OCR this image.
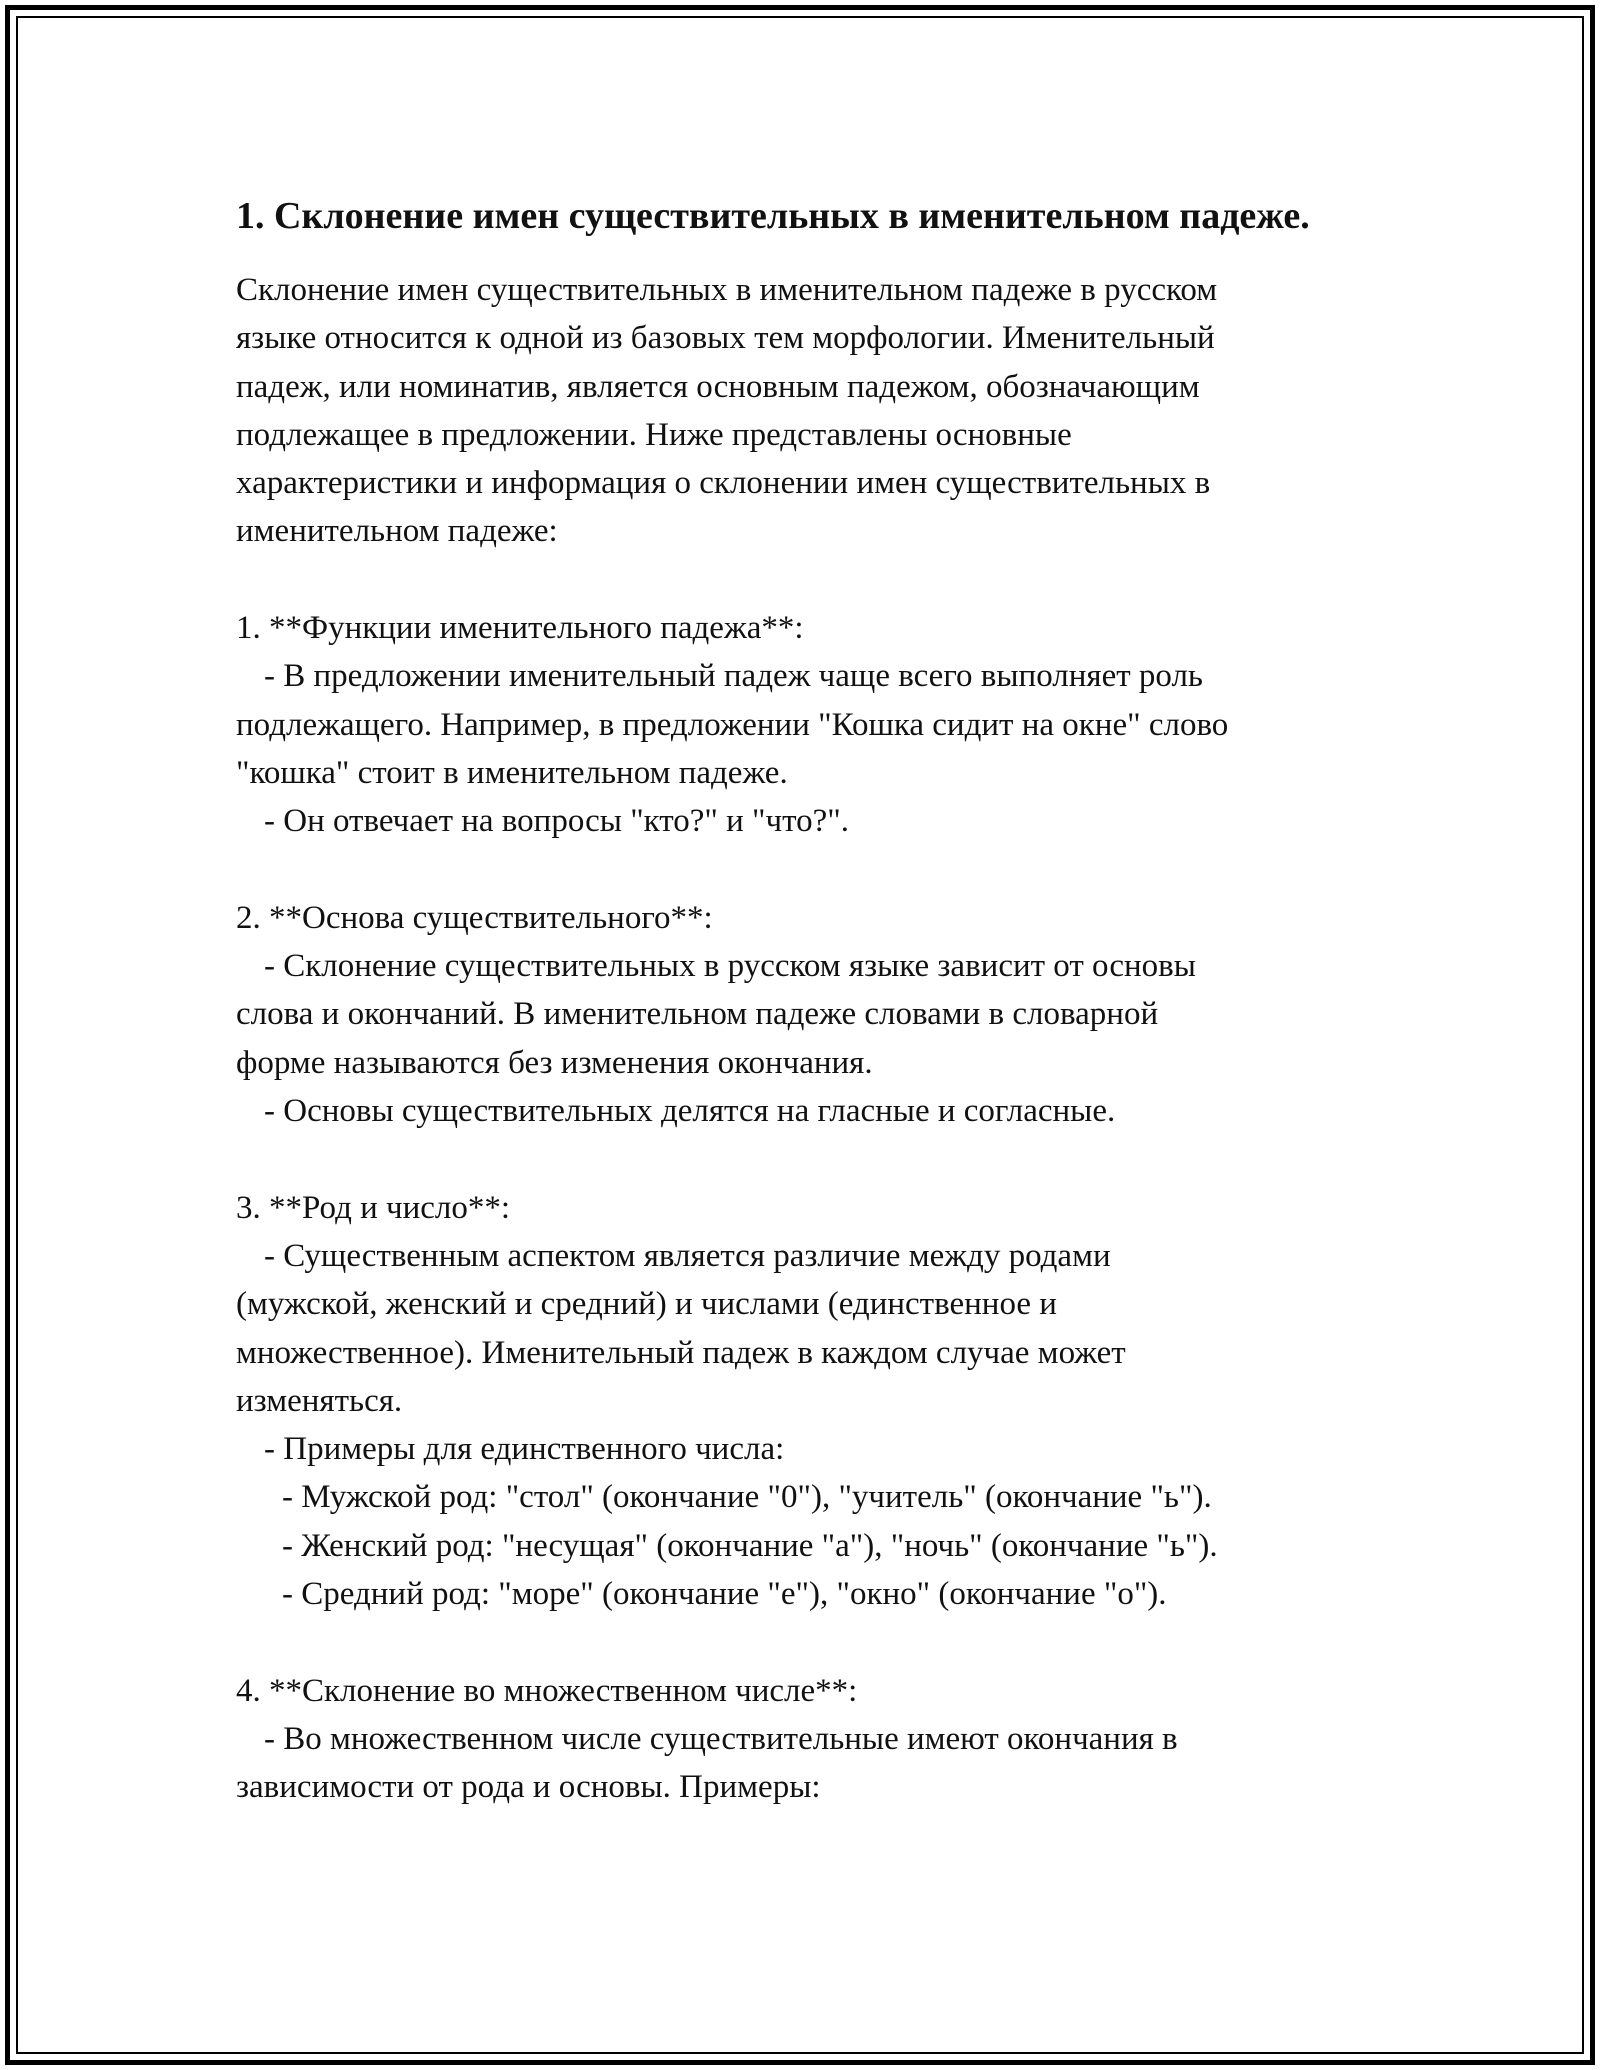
1. Склонение имен существительных в именительном падеже.
Склонение имен существительных в именительном падеже в русском
языке относится к одной из базовых тем морфологии. Именительный
падеж, или номинатив, является основным падежом, обозначающим
подлежащее в предложении. Ниже представлены основные
характеристики и информация о склонении имен существительных в
именительном падеже:
1. **Функции именительного падежа**:
- В предложении именительный падеж чаще всего выполняет роль
подлежащего. Например, в предложении "Кошка сидит на окне" слово
"кошка" стоит в именительном падеже.
- Он отвечает на вопросы "кто?" и "что?".
2. **Основа существительного**:
- Склонение существительных в русском языке зависит от основы
слова и окончаний. В именительном падеже словами в словарной
форме называются без изменения окончания.
- Основы существительных делятся на гласные и согласные.
3. **Род и число**:
- Существенным аспектом является различие между родами
(мужской, женский и средний) и числами (единственное и
множественное). Именительный падеж в каждом случае может
изменяться.
- Примеры для единственного числа:
- Мужской род: "стол" (окончание "0"), "учитель" (окончание "ь").
- Женский род: "несущая" (окончание "а"), "ночь" (окончание "ь").
- Средний род: "море" (окончание "е"), "окно" (окончание "о").
4. **Склонение во множественном числе**:
- Во множественном числе существительные имеют окончания в
зависимости от рода и основы. Примеры:
